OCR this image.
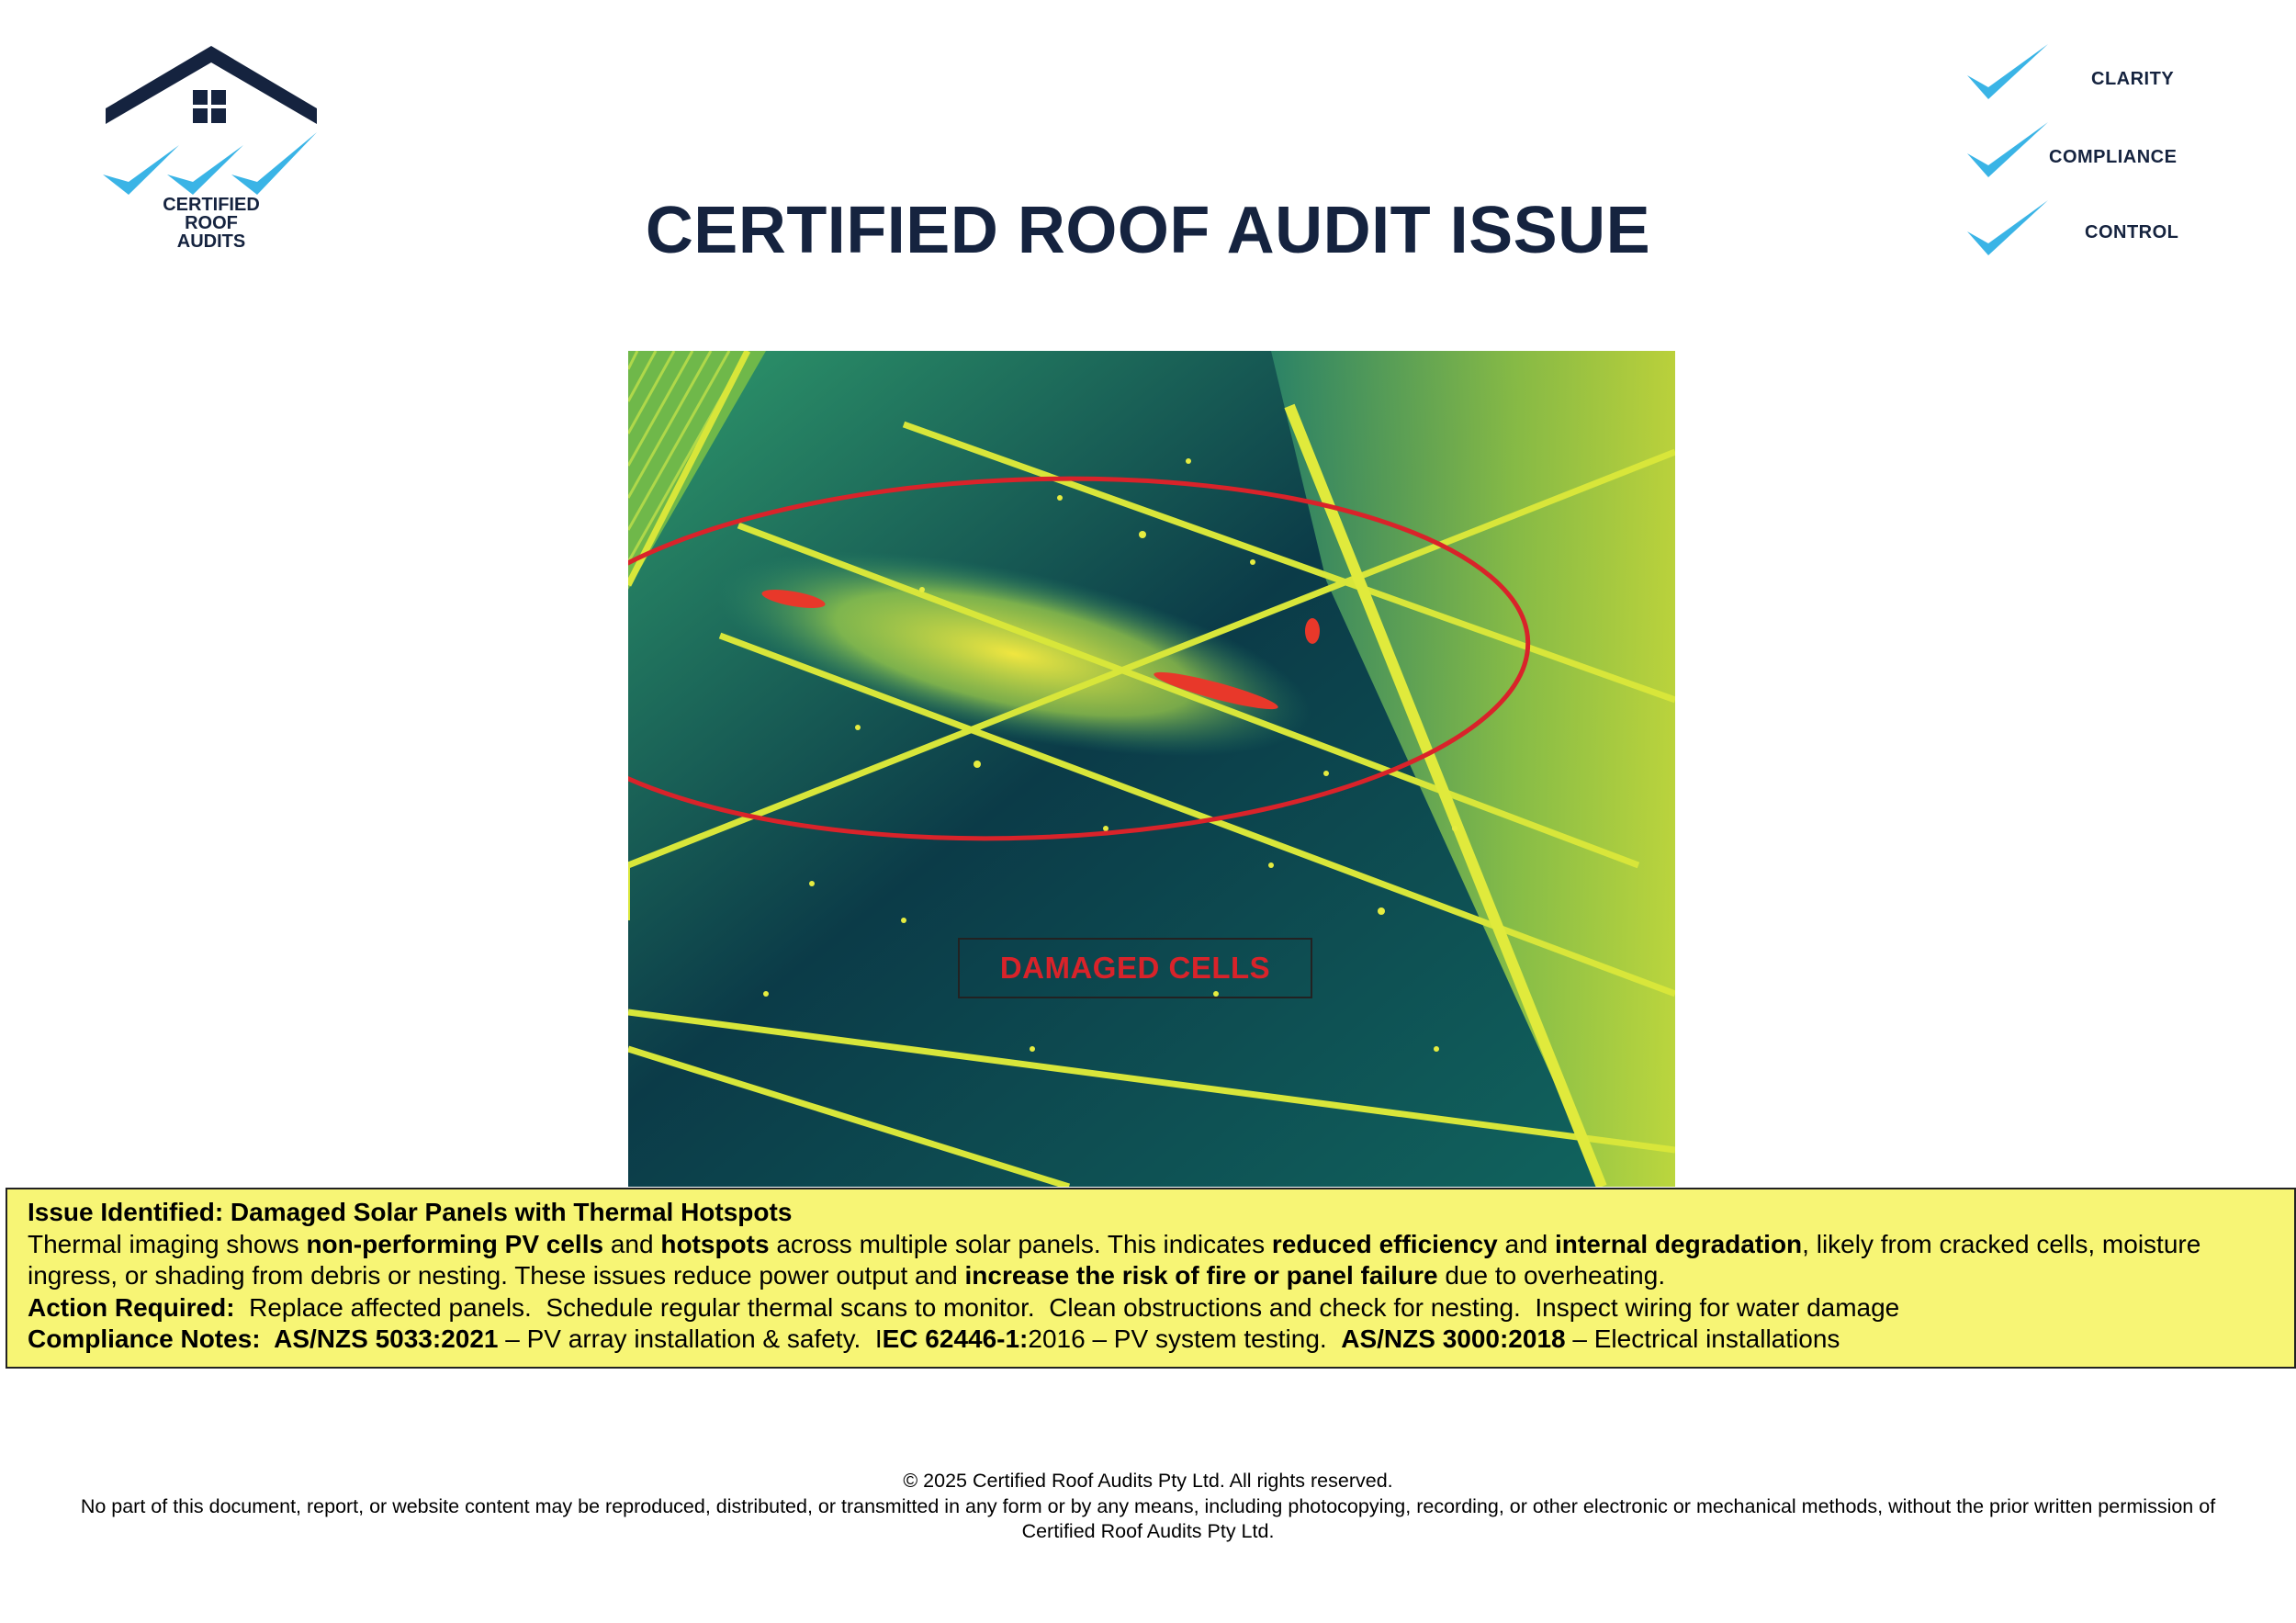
CERTIFIED
ROOF
AUDITS
CLARITY
COMPLIANCE
CONTROL
CERTIFIED ROOF AUDIT ISSUE
DAMAGED CELLS

Issue Identified: Damaged Solar Panels with Thermal Hotspots

Thermal imaging shows non-performing PV cells and hotspots across multiple solar panels. This indicates reduced efficiency and internal degradation, likely from cracked cells, moisture ingress, or shading from debris or nesting. These issues reduce power output and increase the risk of fire or panel failure due to overheating.

Action Required:  Replace affected panels.  Schedule regular thermal scans to monitor.  Clean obstructions and check for nesting.  Inspect wiring for water damage

Compliance Notes:  AS/NZS 5033:2021 – PV array installation & safety.  IEC 62446-1:2016 – PV system testing.  AS/NZS 3000:2018 – Electrical installations

© 2025 Certified Roof Audits Pty Ltd. All rights reserved.

No part of this document, report, or website content may be reproduced, distributed, or transmitted in any form or by any means, including photocopying, recording, or other electronic or mechanical methods, without the prior written permission of Certified Roof Audits Pty Ltd.
